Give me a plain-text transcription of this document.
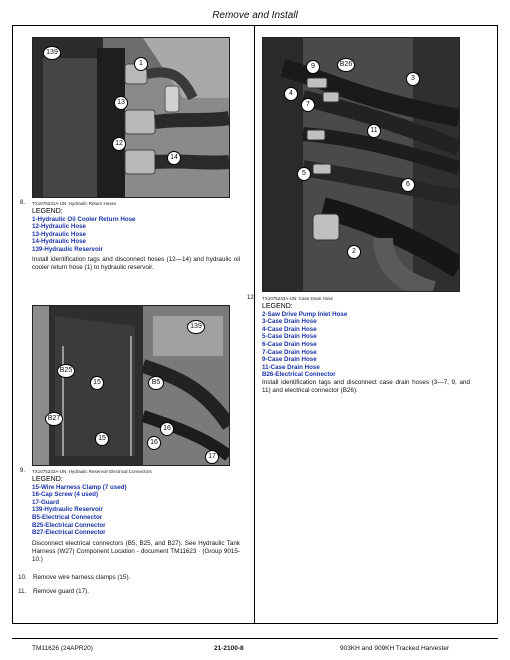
Remove and Install
139
1
13
12
14
8. TX1075231A-UN: Hydraulic Return Hoses
LEGEND:
1-Hydraulic Oil Cooler Return Hose
12-Hydraulic Hose
13-Hydraulic Hose
14-Hydraulic Hose
139-Hydraulic Reservoir
Install identification tags and disconnect hoses (12—14) and hydraulic oil cooler return hose (1) to hydraulic reservoir.
9	B26
3
4
7
11
5
6
2
12. TX1075233A-UN: Case Drain Hose
LEGEND:
2-Saw Drive Pump Inlet Hose
3-Case Drain Hose
4-Case Drain Hose
5-Case Drain Hose
6-Case Drain Hose
7-Case Drain Hose
9-Case Drain Hose
11-Case Drain Hose
B26-Electrical Connector
Install identification tags and disconnect case drain hoses (3—7, 9, and 11) and electrical connector (B26).
139
B25
15	B5
B27
16
15
16
17
9. TX1075232A-UN: Hydraulic Reservoir Electrical Connectors
LEGEND:
15-Wire Harness Clamp (7 used)
16-Cap Screw (4 used)
17-Guard
139-Hydraulic Reservoir
B5-Electrical Connector
B25-Electrical Connector
B27-Electrical Connector
Disconnect electrical connectors (B5, B25, and B27). See Hydraulic Tank Harness (W27) Component Location - document TM11623 · (Group 9015-10.)
10. Remove wire harness clamps (15).
11. Remove guard (17).
TM11626 (24APR20)	21-2100-8	903KH and 909KH Tracked Harvester
